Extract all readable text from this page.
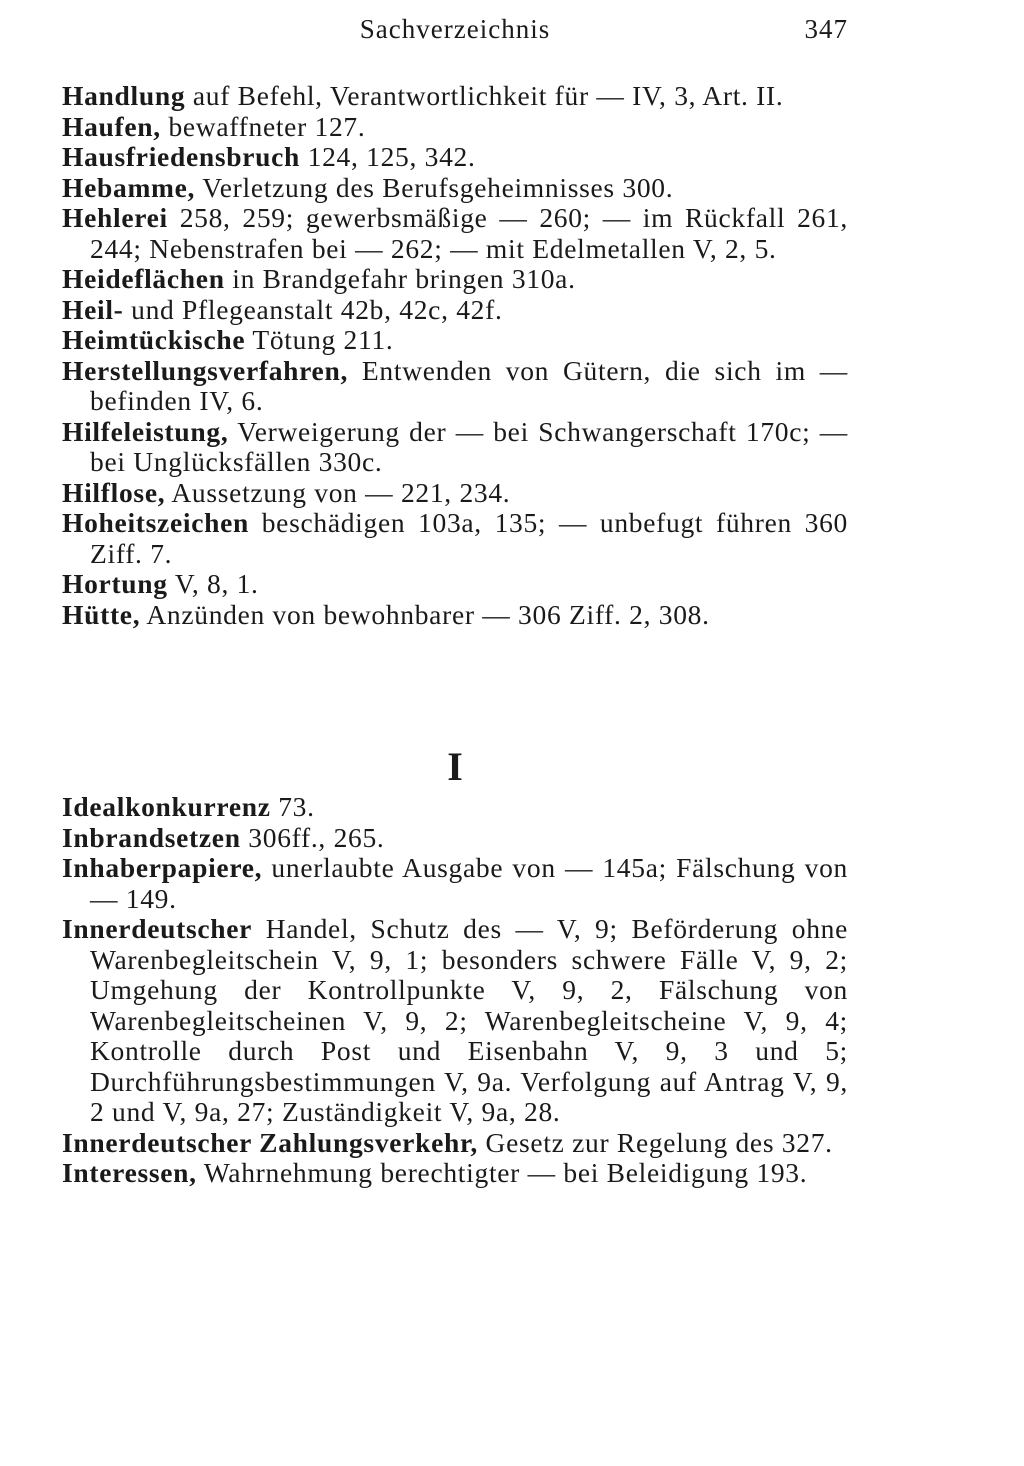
Sachverzeichnis	347

Handlung auf Befehl, Verantwortlichkeit für — IV, 3, Art. II.

Haufen, bewaffneter 127.

Hausfriedensbruch 124, 125, 342.

Hebamme, Verletzung des Berufsgeheimnisses 300.

Hehlerei 258, 259; gewerbsmäßige — 260; — im Rückfall 261, 244; Nebenstrafen bei — 262; — mit Edelmetallen V, 2, 5.

Heideflächen in Brandgefahr bringen 310a.

Heil- und Pflegeanstalt 42b, 42c, 42f.

Heimtückische Tötung 211.

Herstellungsverfahren, Entwenden von Gütern, die sich im — befinden IV, 6.

Hilfeleistung, Verweigerung der — bei Schwangerschaft 170c; — bei Unglücksfällen 330c.

Hilflose, Aussetzung von — 221, 234.

Hoheitszeichen beschädigen 103a, 135; — unbefugt führen 360 Ziff. 7.

Hortung V, 8, 1.

Hütte, Anzünden von bewohnbarer — 306 Ziff. 2, 308.

I

Idealkonkurrenz 73.

Inbrandsetzen 306ff., 265.

Inhaberpapiere, unerlaubte Ausgabe von — 145a; Fälschung von — 149.

Innerdeutscher Handel, Schutz des — V, 9; Beförderung ohne Warenbegleitschein V, 9, 1; besonders schwere Fälle V, 9, 2; Umgehung der Kontrollpunkte V, 9, 2, Fälschung von Warenbegleitscheinen V, 9, 2; Warenbegleitscheine V, 9, 4; Kontrolle durch Post und Eisenbahn V, 9, 3 und 5; Durchführungsbestimmungen V, 9a. Verfolgung auf Antrag V, 9, 2 und V, 9a, 27; Zuständigkeit V, 9a, 28.

Innerdeutscher Zahlungsverkehr, Gesetz zur Regelung des 327.

Interessen, Wahrnehmung berechtigter — bei Beleidigung 193.
